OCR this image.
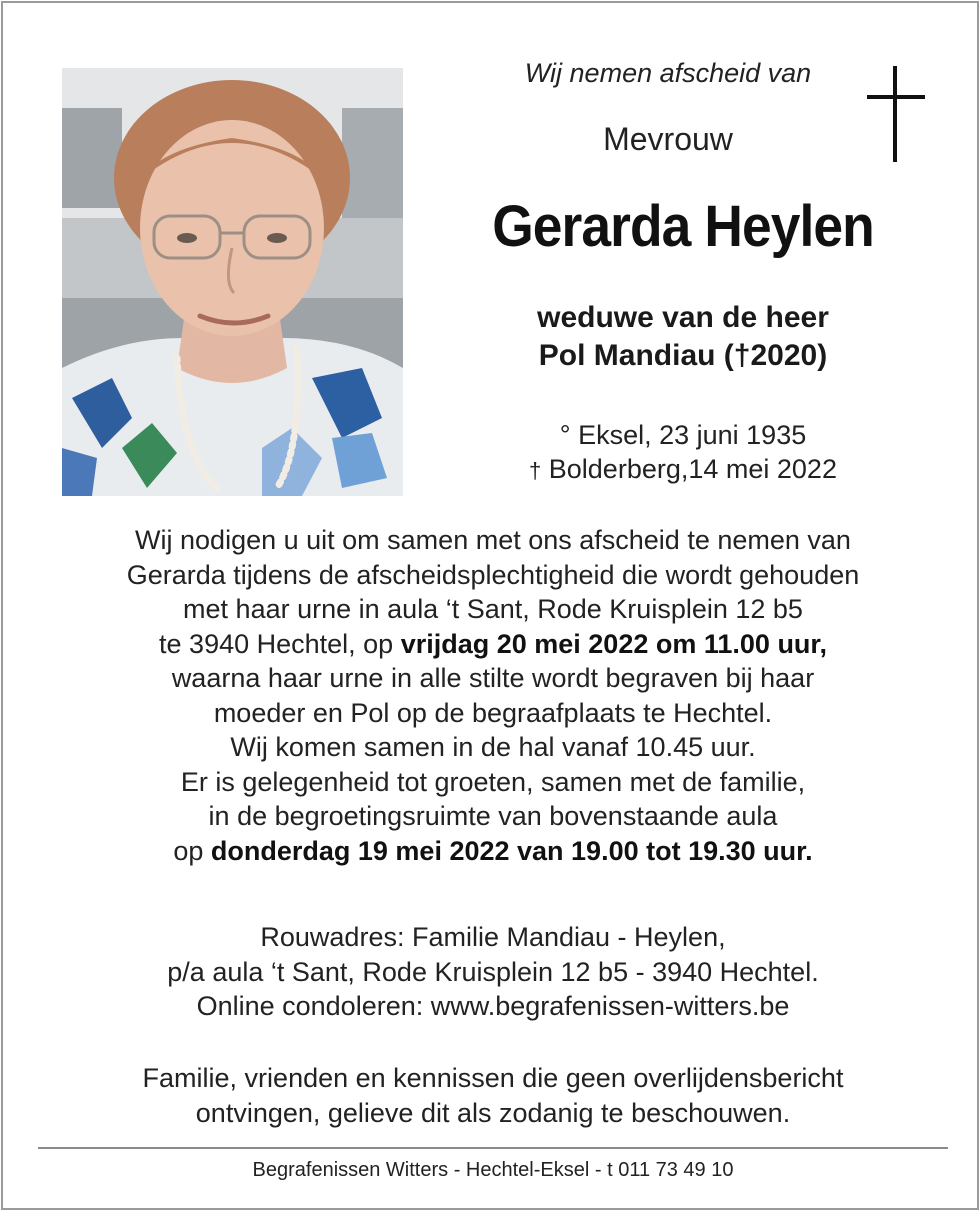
Wij nemen afscheid van
Mevrouw
Gerarda Heylen
weduwe van de heer
Pol Mandiau (†2020)
° Eksel, 23 juni 1935
† Bolderberg,14 mei 2022
Wij nodigen u uit om samen met ons afscheid te nemen van
Gerarda tijdens de afscheidsplechtigheid die wordt gehouden
met haar urne in aula ‘t Sant, Rode Kruisplein 12 b5
te 3940 Hechtel, op vrijdag 20 mei 2022 om 11.00 uur,
waarna haar urne in alle stilte wordt begraven bij haar
moeder en Pol op de begraafplaats te Hechtel.
Wij komen samen in de hal vanaf 10.45 uur.
Er is gelegenheid tot groeten, samen met de familie,
in de begroetingsruimte van bovenstaande aula
op donderdag 19 mei 2022 van 19.00 tot 19.30 uur.
Rouwadres: Familie Mandiau - Heylen,
p/a aula ‘t Sant, Rode Kruisplein 12 b5 - 3940 Hechtel.
Online condoleren: www.begrafenissen-witters.be
Familie, vrienden en kennissen die geen overlijdensbericht
ontvingen, gelieve dit als zodanig te beschouwen.
Begrafenissen Witters - Hechtel-Eksel - t 011 73 49 10
